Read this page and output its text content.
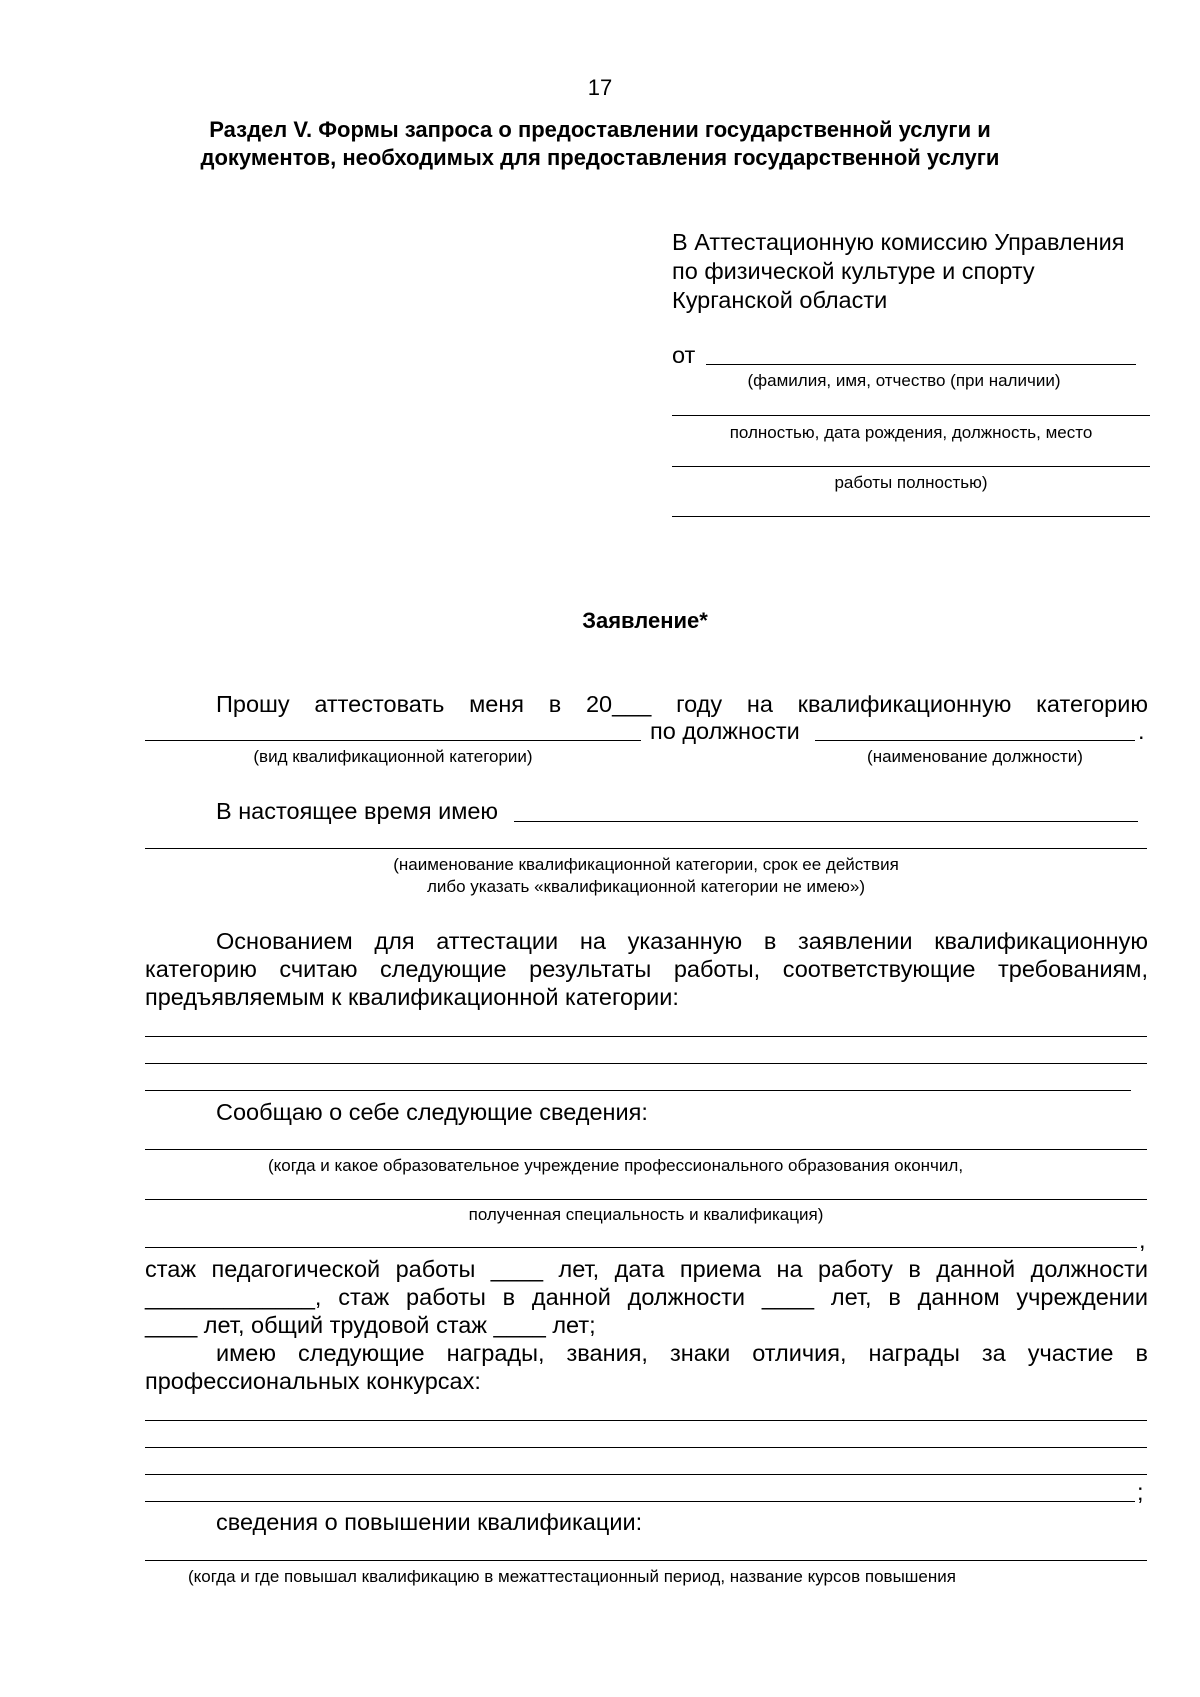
17
Раздел V. Формы запроса о предоставлении государственной услуги и
документов, необходимых для предоставления государственной услуги
В Аттестационную комиссию Управления
по физической культуре и спорту
Курганской области
от
(фамилия, имя, отчество (при наличии)
полностью, дата рождения, должность, место
работы полностью)
Заявление*
Прошу аттестовать меня в 20___ году на квалификационную категорию
по должности	.
(вид квалификационной категории)	(наименование должности)
В настоящее время имею
(наименование квалификационной категории, срок ее действия
либо указать «квалификационной категории не имею»)
Основанием для аттестации на указанную в заявлении квалификационную
категорию считаю следующие результаты работы, соответствующие требованиям,
предъявляемым к квалификационной категории:
Сообщаю о себе следующие сведения:
(когда и какое образовательное учреждение профессионального образования окончил,
полученная специальность и квалификация)
,
стаж педагогической работы ____ лет, дата приема на работу в данной должности
_____________, стаж работы в данной должности ____ лет, в данном учреждении
____ лет, общий трудовой стаж ____ лет;
имею следующие награды, звания, знаки отличия, награды за участие в
профессиональных конкурсах:
;
сведения о повышении квалификации:
(когда и где повышал квалификацию в межаттестационный период, название курсов повышения
